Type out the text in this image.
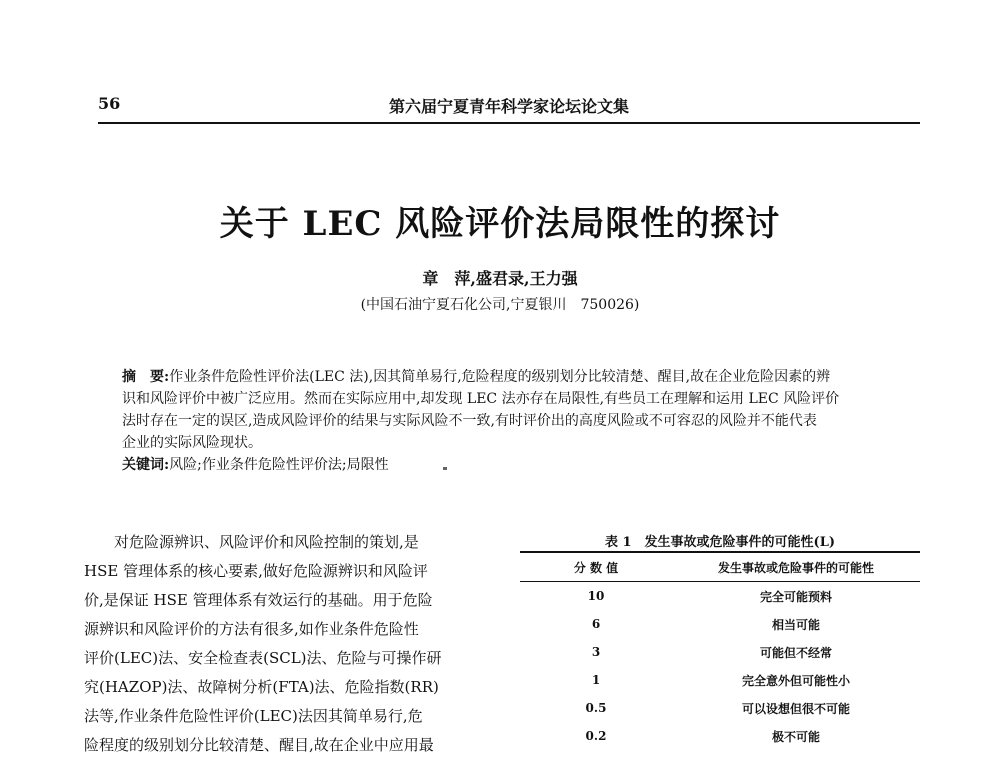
56	第六届宁夏青年科学家论坛论文集
关于 LEC 风险评价法局限性的探讨
章　萍,盛君录,王力强
(中国石油宁夏石化公司,宁夏银川　750026)

摘　要:作业条件危险性评价法(LEC 法),因其简单易行,危险程度的级别划分比较清楚、醒目,故在企业危险因素的辨

识和风险评价中被广泛应用。然而在实际应用中,却发现 LEC 法亦存在局限性,有些员工在理解和运用 LEC 风险评价

法时存在一定的误区,造成风险评价的结果与实际风险不一致,有时评价出的高度风险或不可容忍的风险并不能代表

企业的实际风险现状。

关键词:风险;作业条件危险性评价法;局限性

　　对危险源辨识、风险评价和风险控制的策划,是
HSE 管理体系的核心要素,做好危险源辨识和风险评
价,是保证 HSE 管理体系有效运行的基础。用于危险
源辨识和风险评价的方法有很多,如作业条件危险性
评价(LEC)法、安全检查表(SCL)法、危险与可操作研
究(HAZOP)法、故障树分析(FTA)法、危险指数(RR)
法等,作业条件危险性评价(LEC)法因其简单易行,危
险程度的级别划分比较清楚、醒目,故在企业中应用最
表 1　发生事故或危险事件的可能性(L)
分 数 值	发生事故或危险事件的可能性
10	完全可能预料
6	相当可能
3	可能但不经常
1	完全意外但可能性小
0.5	可以设想但很不可能
0.2	极不可能
